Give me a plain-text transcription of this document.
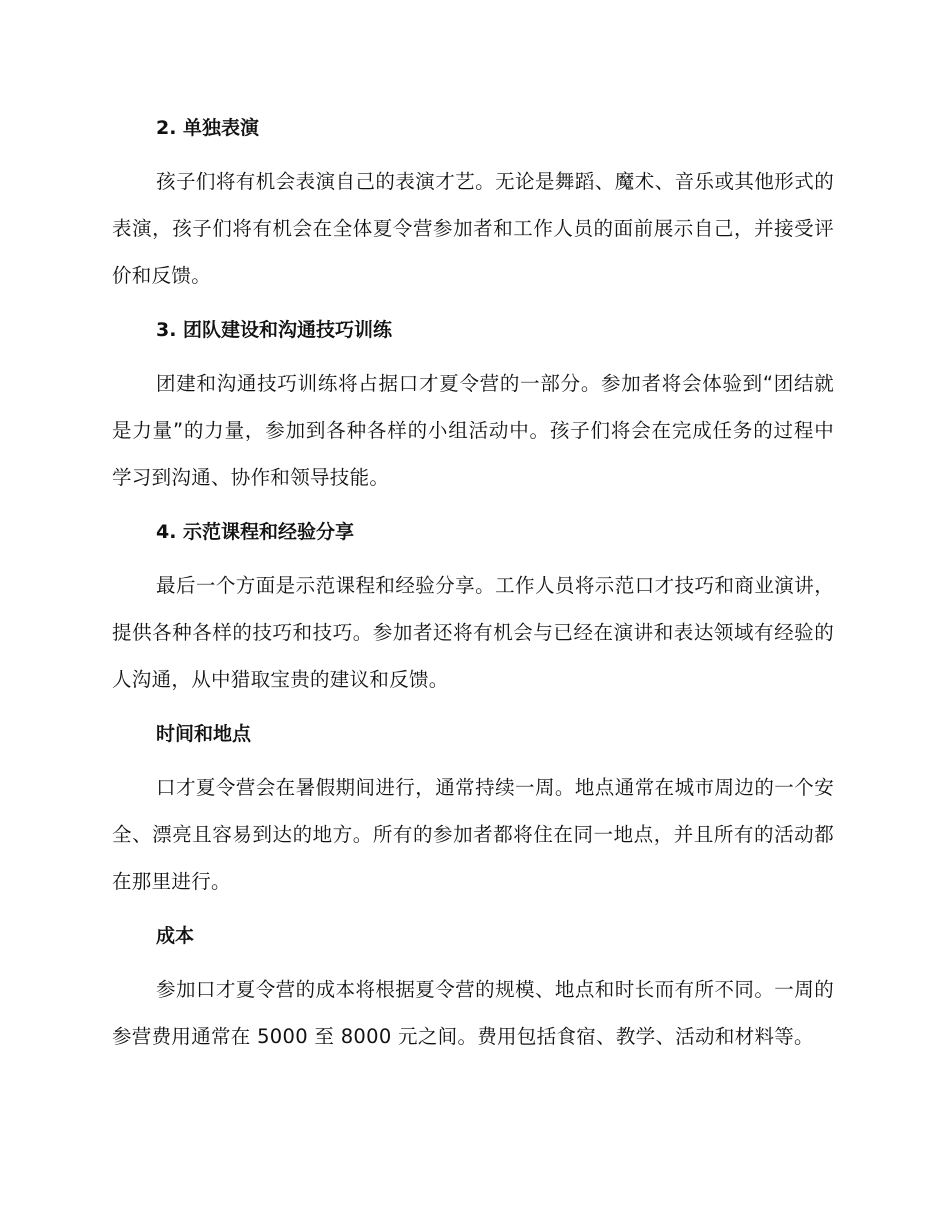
2. 单独表演

孩子们将有机会表演自己的表演才艺。无论是舞蹈、魔术、音乐或其他形式的表演，孩子们将有机会在全体夏令营参加者和工作人员的面前展示自己，并接受评价和反馈。

3. 团队建设和沟通技巧训练

团建和沟通技巧训练将占据口才夏令营的一部分。参加者将会体验到“团结就是力量”的力量，参加到各种各样的小组活动中。孩子们将会在完成任务的过程中学习到沟通、协作和领导技能。

4. 示范课程和经验分享

最后一个方面是示范课程和经验分享。工作人员将示范口才技巧和商业演讲，提供各种各样的技巧和技巧。参加者还将有机会与已经在演讲和表达领域有经验的人沟通，从中猎取宝贵的建议和反馈。

时间和地点

口才夏令营会在暑假期间进行，通常持续一周。地点通常在城市周边的一个安全、漂亮且容易到达的地方。所有的参加者都将住在同一地点，并且所有的活动都在那里进行。

成本

参加口才夏令营的成本将根据夏令营的规模、地点和时长而有所不同。一周的参营费用通常在 5000 至 8000 元之间。费用包括食宿、教学、活动和材料等。
